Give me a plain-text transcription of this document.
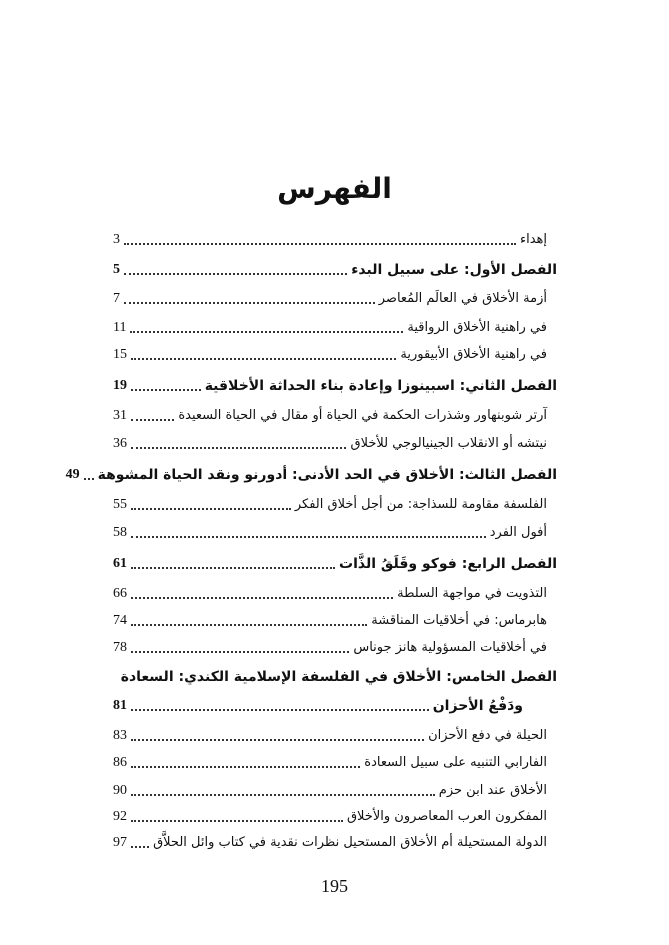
الفهرس
إهداء
3
الفصل الأول: على سبيل البدء
5
أزمة الأخلاق في العالَم المُعاصر
7
في راهنية الأخلاق الرواقية
11
في راهنية الأخلاق الأبيقورية
15
الفصل الثاني: اسبينوزا وإعادة بناء الحداثة الأخلاقية
19
آرتر شوبنهاور وشذرات الحكمة في الحياة أو مقال في الحياة السعيدة
31
نيتشه أو الانقلاب الجينيالوجي للأخلاق
36
الفصل الثالث: الأخلاق في الحد الأدنى: أدورنو ونقد الحياة المشوهة
49
الفلسفة مقاومة للسذاجة: من أجل أخلاق الفكر
55
أفول الفرد
58
الفصل الرابع: فوكو وقَلَقُ الذَّات
61
التذويت في مواجهة السلطة
66
هابرماس: في أخلاقيات المناقشة
74
في أخلاقيات المسؤولية هانز جوناس
78
الفصل الخامس: الأخلاق في الفلسفة الإسلامية الكندي: السعادة
ودَفْعُ الأحزان
81
الحيلة في دفع الأحزان
83
الفارابي التنبيه على سبيل السعادة
86
الأخلاق عند ابن حزم
90
المفكرون العرب المعاصرون والأخلاق
92
الدولة المستحيلة أم الأخلاق المستحيل نظرات نقدية في كتاب وائل الحلاَّق
97
195
